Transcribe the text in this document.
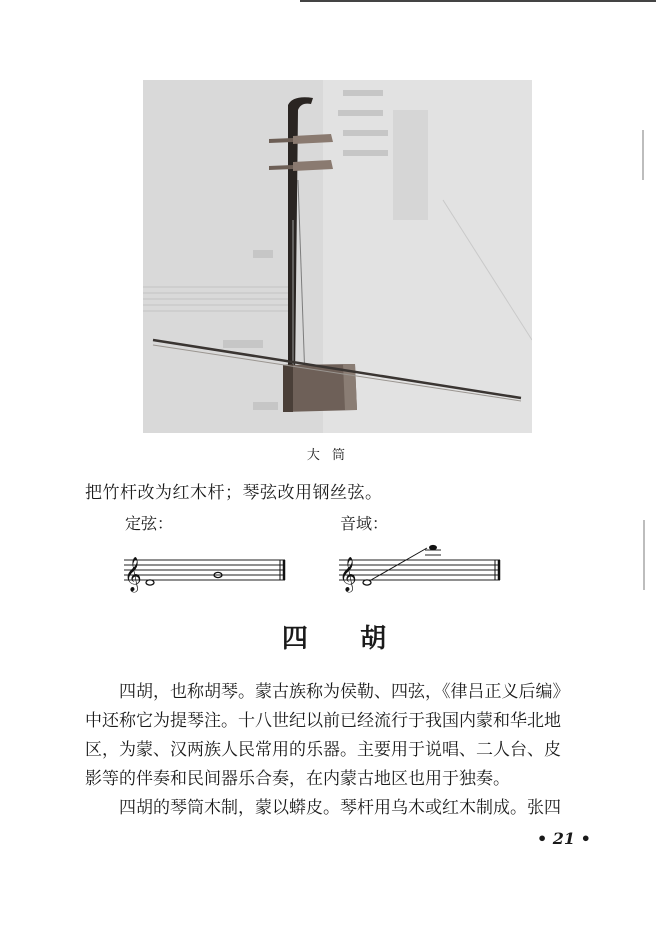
大 筒
把竹杆改为红木杆；琴弦改用钢丝弦。
定弦：	音域：
𝄞	𝄞
四 胡
四胡，也称胡琴。蒙古族称为侯勒、四弦，《律吕正义后编》
中还称它为提琴注。十八世纪以前已经流行于我国内蒙和华北地
区，为蒙、汉两族人民常用的乐器。主要用于说唱、二人台、皮
影等的伴奏和民间器乐合奏，在内蒙古地区也用于独奏。
四胡的琴筒木制，蒙以蟒皮。琴杆用乌木或红木制成。张四
• 21 •
